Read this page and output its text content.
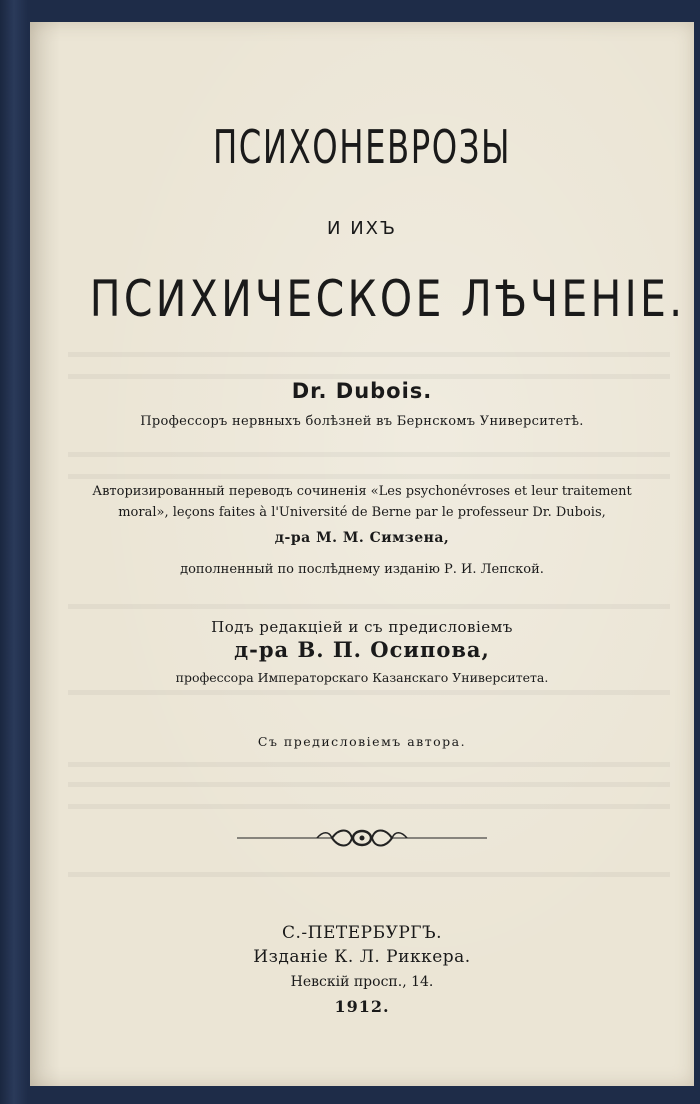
ПСИХОНЕВРОЗЫ
И ИХЪ
ПСИХИЧЕСКОЕ ЛѢЧЕНІЕ.
Dr. Dubois.
Профессоръ нервныхъ болѣзней въ Бернскомъ Университетѣ.
Авторизированный переводъ сочиненія «Les psychonévroses et leur traitement
moral», leçons faites à l'Université de Berne par le professeur Dr. Dubois,
д-ра М. М. Симзена,
дополненный по послѣднему изданію Р. И. Лепской.
Подъ редакціей и съ предисловіемъ
д-ра В. П. Осипова,
профессора Императорскаго Казанскаго Университета.
Съ предисловіемъ автора.
С.-ПЕТЕРБУРГЪ.
Изданіе К. Л. Риккера.
Невскій просп., 14.
1912.
